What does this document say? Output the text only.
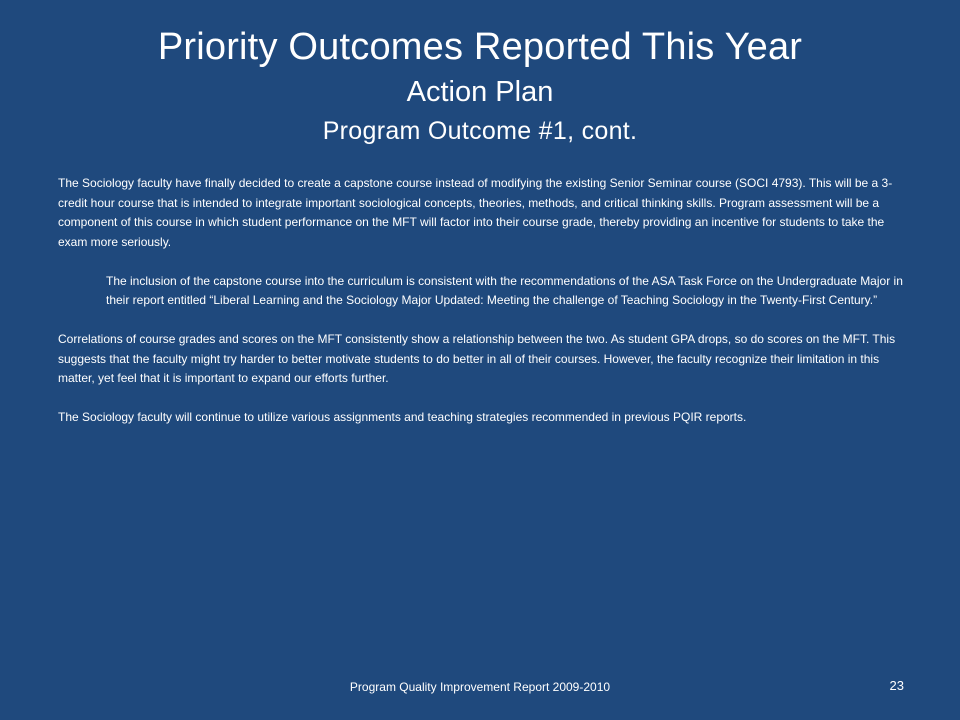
Priority Outcomes Reported This Year
Action Plan
Program Outcome #1, cont.

The Sociology faculty have finally decided to create a capstone course instead of modifying the existing Senior Seminar course (SOCI 4793). This will be a 3-credit hour course that is intended to integrate important sociological concepts, theories, methods, and critical thinking skills. Program assessment will be a component of this course in which student performance on the MFT will factor into their course grade, thereby providing an incentive for students to take the exam more seriously.

The inclusion of the capstone course into the curriculum is consistent with the recommendations of the ASA Task Force on the Undergraduate Major in their report entitled “Liberal Learning and the Sociology Major Updated: Meeting the challenge of Teaching Sociology in the Twenty-First Century.”

Correlations of course grades and scores on the MFT consistently show a relationship between the two. As student GPA drops, so do scores on the MFT. This suggests that the faculty might try harder to better motivate students to do better in all of their courses. However, the faculty recognize their limitation in this matter, yet feel that it is important to expand our efforts further.

The Sociology faculty will continue to utilize various assignments and teaching strategies recommended in previous PQIR reports.

Program Quality Improvement Report 2009-2010	23
